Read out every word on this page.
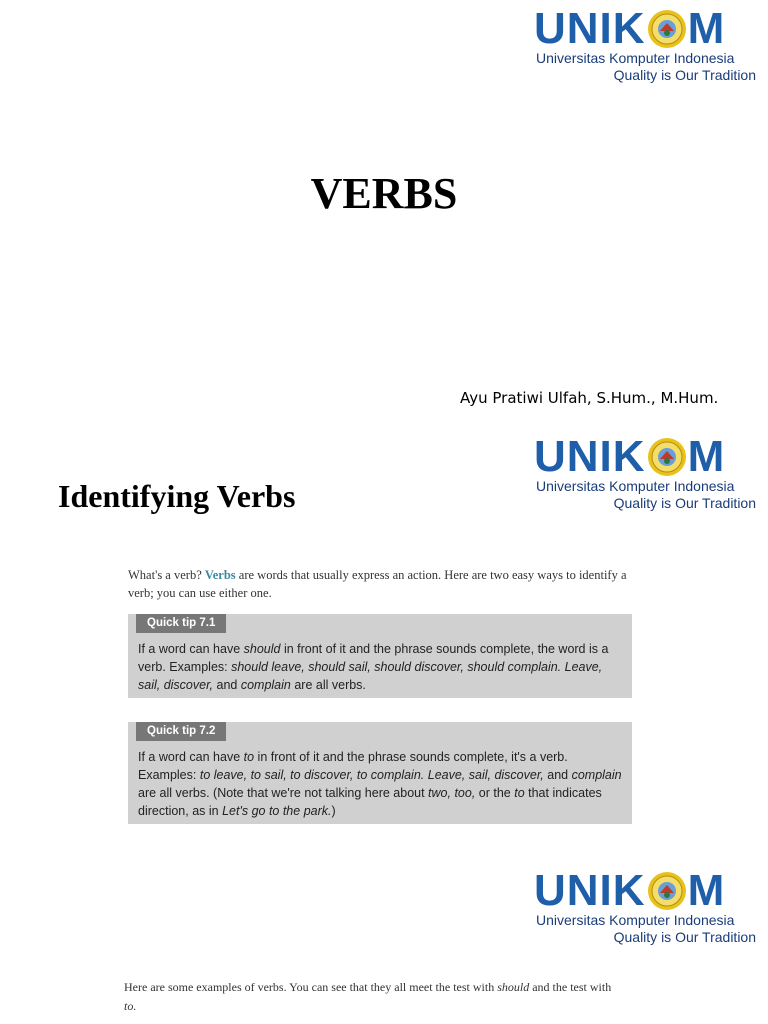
UNIK M
Universitas Komputer Indonesia
Quality is Our Tradition
VERBS
Ayu Pratiwi Ulfah, S.Hum., M.Hum.
UNIK M
Universitas Komputer Indonesia
Quality is Our Tradition
Identifying Verbs

What's a verb? Verbs are words that usually express an action. Here are two easy ways to identify a verb; you can use either one.

Quick tip 7.1

If a word can have should in front of it and the phrase sounds complete, the word is a verb. Examples: should leave, should sail, should discover, should complain. Leave, sail, discover, and complain are all verbs.

Quick tip 7.2

If a word can have to in front of it and the phrase sounds complete, it's a verb. Examples: to leave, to sail, to discover, to complain. Leave, sail, discover, and complain are all verbs. (Note that we're not talking here about two, too, or the to that indicates direction, as in Let's go to the park.)

UNIK M
Universitas Komputer Indonesia
Quality is Our Tradition

Here are some examples of verbs. You can see that they all meet the test with should and the test with to.
